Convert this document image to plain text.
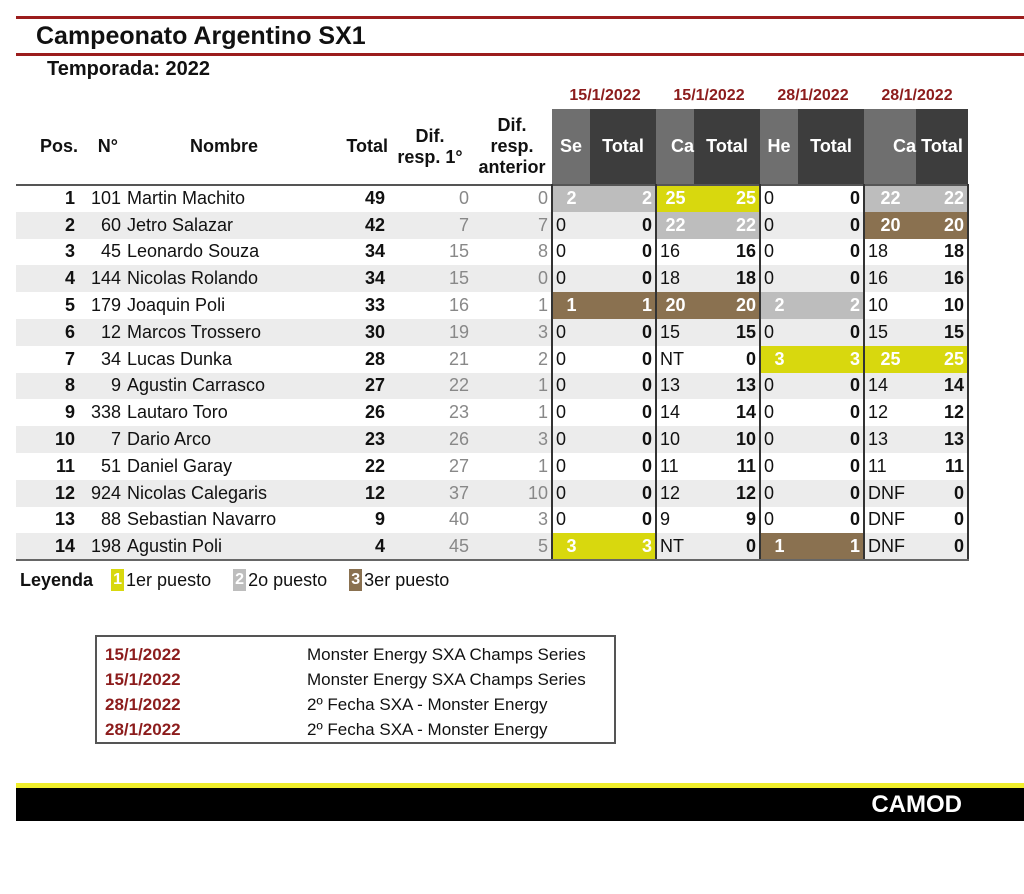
Campeonato Argentino SX1
Temporada: 2022
15/1/2022	15/1/2022	28/1/2022	28/1/2022
Pos.	N°	Nombre	Total	
Dif.
resp. 1°

Dif.
resp.
anterior
	Se	Total	Ca	Total	He	Total	Ca	Total
1	101	Martin Machito	49	0	0	2	2	25	25	0	0	22	22
2	60	Jetro Salazar	42	7	7	0	0	22	22	0	0	20	20
3	45	Leonardo Souza	34	15	8	0	0	16	16	0	0	18	18
4	144	Nicolas Rolando	34	15	0	0	0	18	18	0	0	16	16
5	179	Joaquin Poli	33	16	1	1	1	20	20	2	2	10	10
6	12	Marcos Trossero	30	19	3	0	0	15	15	0	0	15	15
7	34	Lucas Dunka	28	21	2	0	0	NT	0	3	3	25	25
8	9	Agustin Carrasco	27	22	1	0	0	13	13	0	0	14	14
9	338	Lautaro Toro	26	23	1	0	0	14	14	0	0	12	12
10	7	Dario Arco	23	26	3	0	0	10	10	0	0	13	13
11	51	Daniel Garay	22	27	1	0	0	11	11	0	0	11	11
12	924	Nicolas Calegaris	12	37	10	0	0	12	12	0	0	DNF	0
13	88	Sebastian Navarro	9	40	3	0	0	9	9	0	0	DNF	0
14	198	Agustin Poli	4	45	5	3	3	NT	0	1	1	DNF	0
Leyenda 1 1er puesto 2 2o puesto 3 3er puesto
15/1/2022	Monster Energy SXA Champs Series
15/1/2022	Monster Energy SXA Champs Series
28/1/2022	2º Fecha SXA - Monster Energy
28/1/2022	2º Fecha SXA - Monster Energy
CAMOD
